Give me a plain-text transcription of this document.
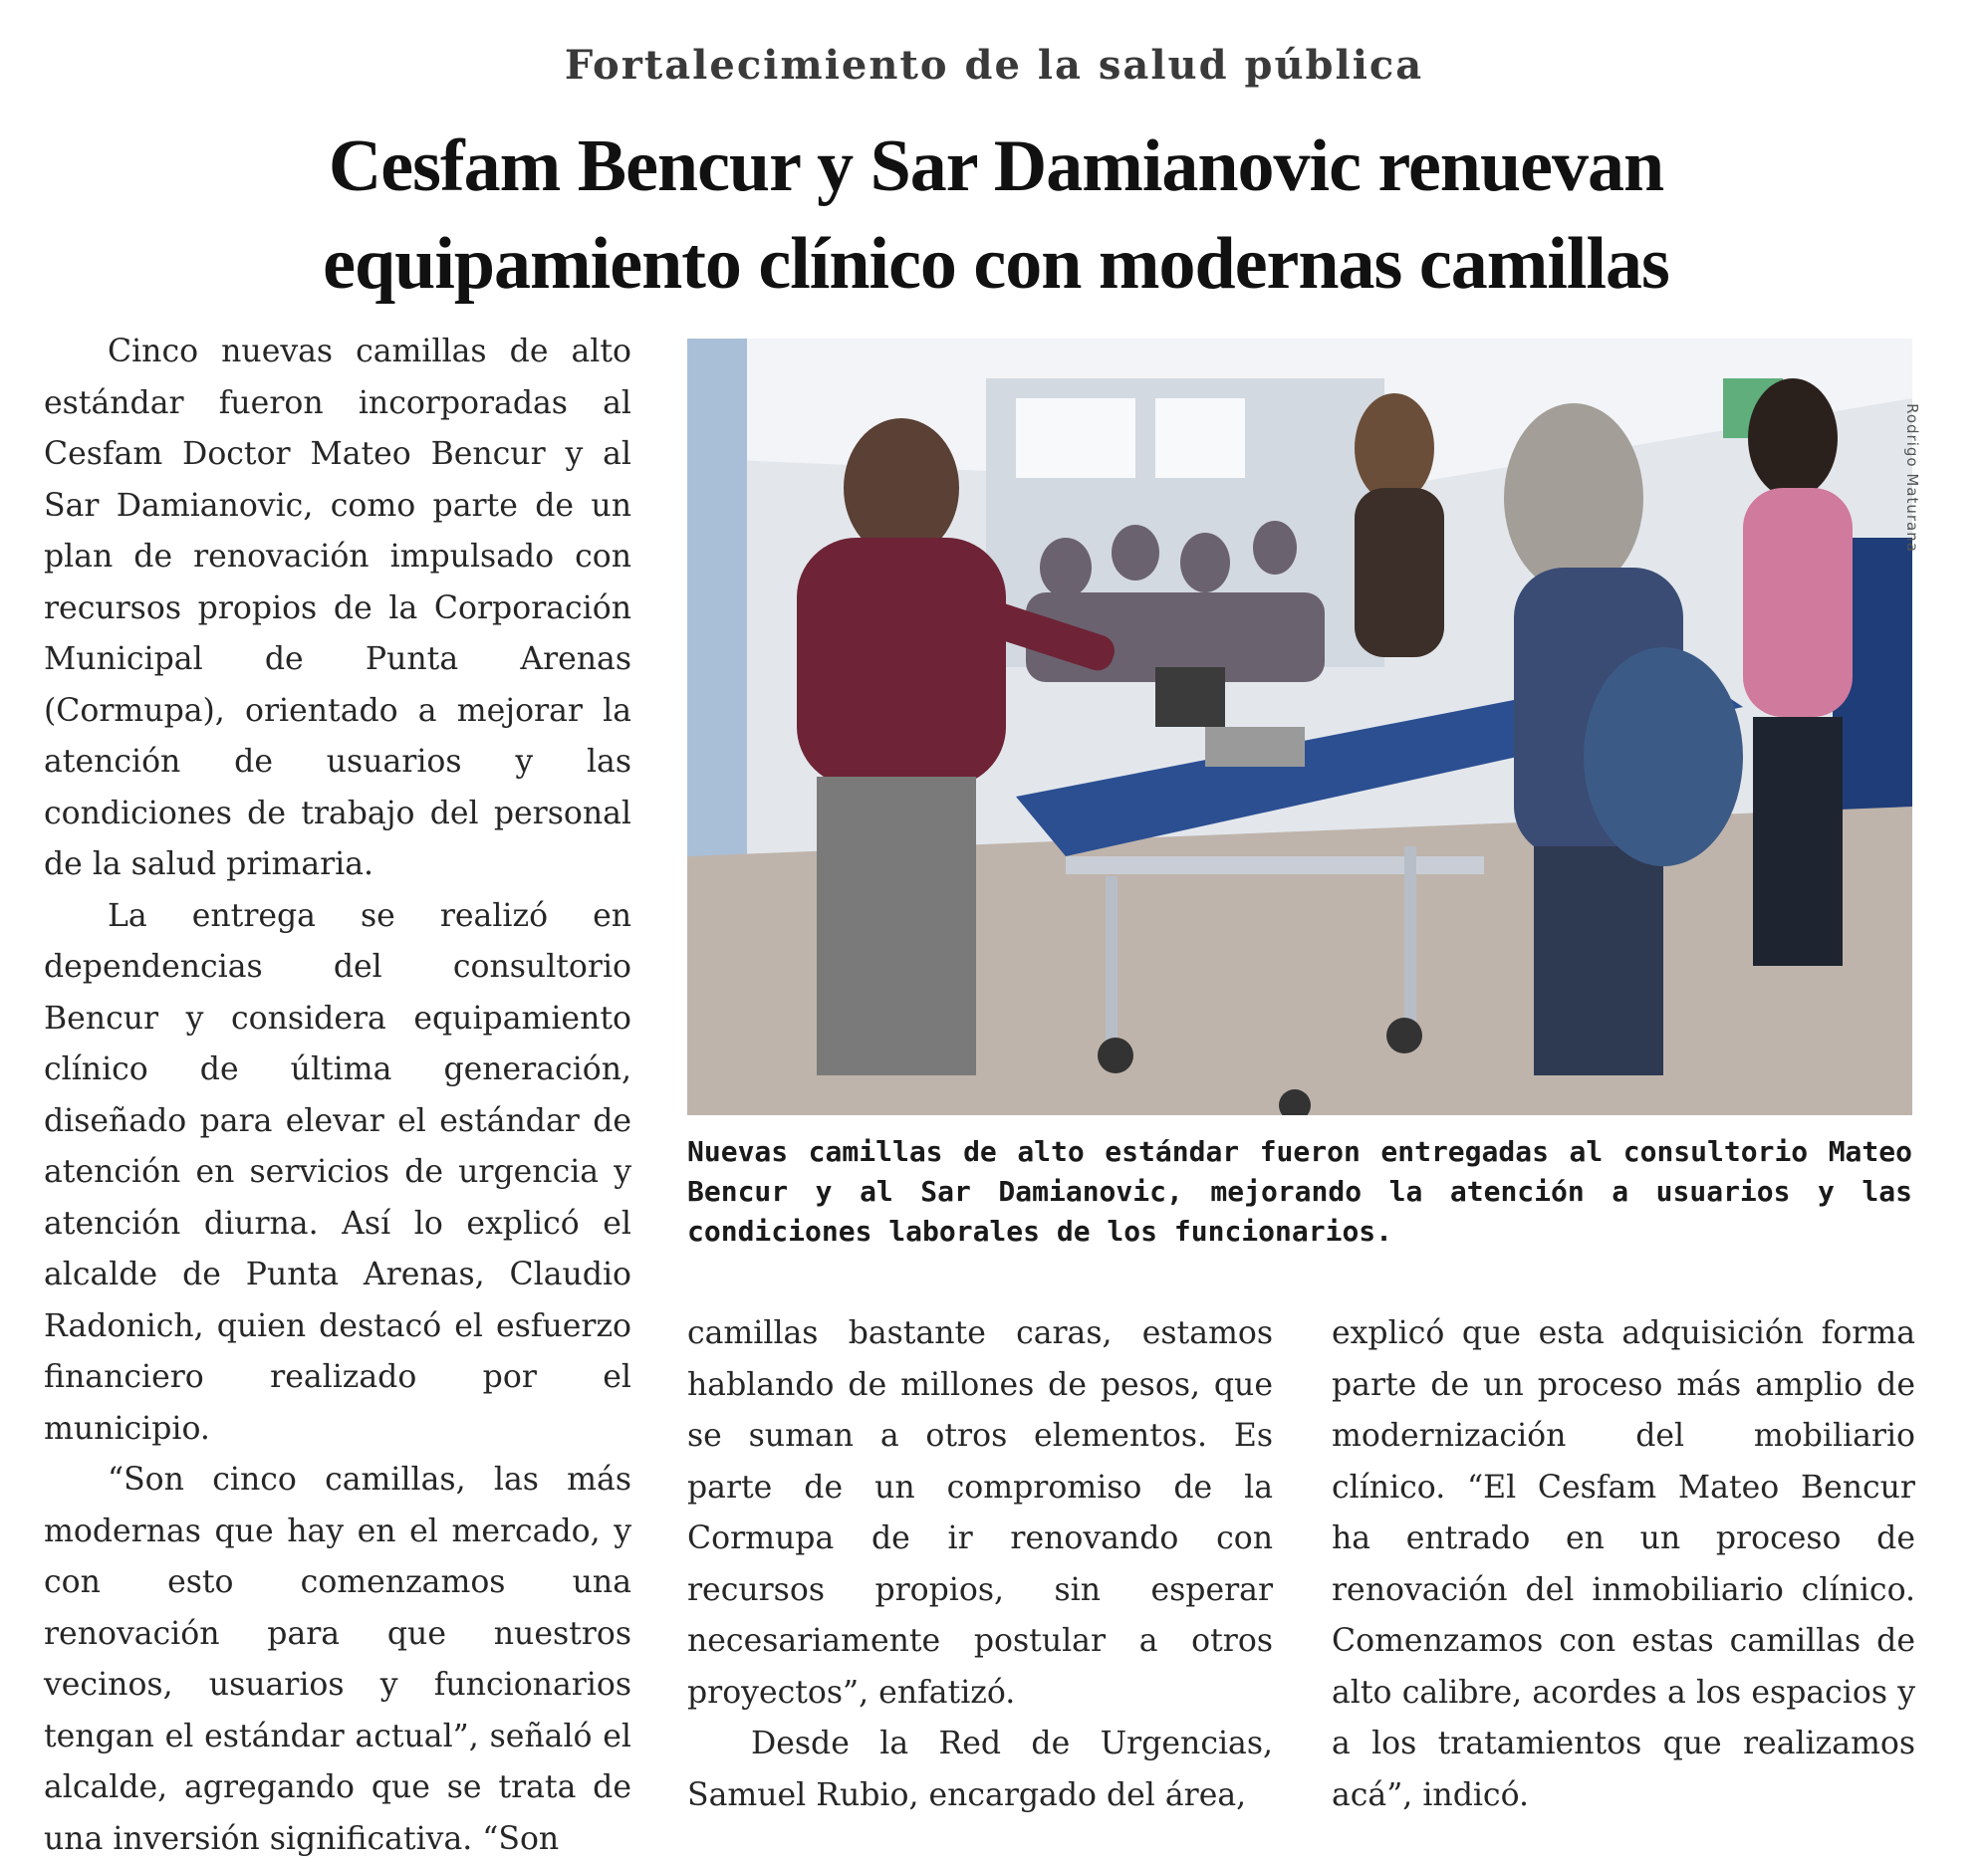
Fortalecimiento de la salud pública
Cesfam Bencur y Sar Damianovic renuevan equipamiento clínico con modernas camillas

Cinco nuevas camillas de alto estándar fueron incorporadas al Cesfam Doctor Mateo Bencur y al Sar Damianovic, como parte de un plan de renovación impulsado con recursos propios de la Corporación Municipal de Punta Arenas (Cormupa), orientado a mejorar la atención de usuarios y las condiciones de trabajo del personal de la salud primaria.

La entrega se realizó en dependencias del consultorio Bencur y considera equipamiento clínico de última generación, diseñado para elevar el estándar de atención en servicios de urgencia y atención diurna. Así lo explicó el alcalde de Punta Arenas, Claudio Radonich, quien destacó el esfuerzo financiero realizado por el municipio.

“Son cinco camillas, las más modernas que hay en el mercado, y con esto comenzamos una renovación para que nuestros vecinos, usuarios y funcionarios tengan el estándar actual”, señaló el alcalde, agregando que se trata de una inversión significativa. “Son

Rodrigo Maturana

Nuevas camillas de alto estándar fueron entregadas al consultorio Mateo Bencur y al Sar Damianovic, mejorando la atención a usuarios y las condiciones laborales de los funcionarios.

camillas bastante caras, estamos hablando de millones de pesos, que se suman a otros elementos. Es parte de un compromiso de la Cormupa de ir renovando con recursos propios, sin esperar necesariamente postular a otros proyectos”, enfatizó.

Desde la Red de Urgencias, Samuel Rubio, encargado del área,

explicó que esta adquisición forma parte de un proceso más amplio de modernización del mobiliario clínico. “El Cesfam Mateo Bencur ha entrado en un proceso de renovación del inmobiliario clínico. Comenzamos con estas camillas de alto calibre, acordes a los espacios y a los tratamientos que realizamos acá”, indicó.
